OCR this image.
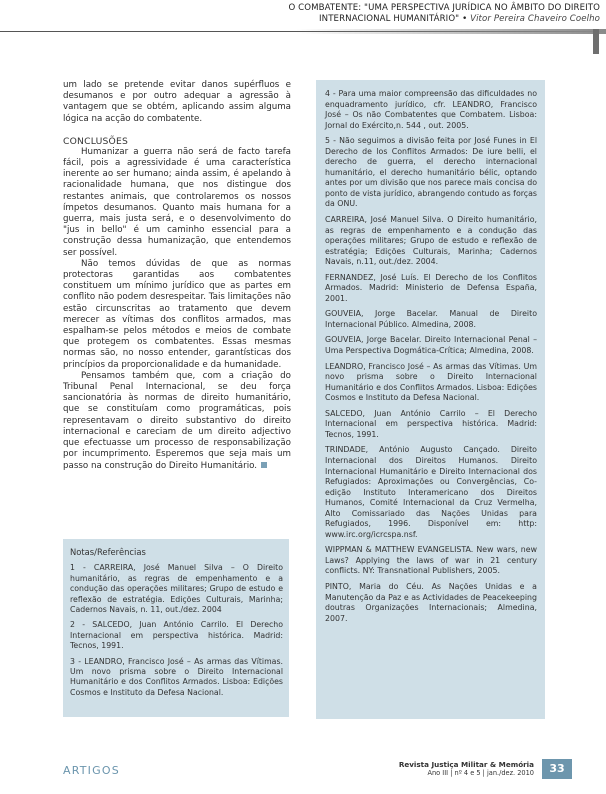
O COMBATENTE: "UMA PERSPECTIVA JURÍDICA NO ÂMBITO DO DIREITO
INTERNACIONAL HUMANITÁRIO" • Vitor Pereira Chaveiro Coelho

um lado se pretende evitar danos supérfluos e desumanos e por outro adequar a agressão à vantagem que se obtém, aplicando assim alguma lógica na acção do combatente.

CONCLUSÕES

Humanizar a guerra não será de facto tarefa fácil, pois a agressividade é uma característica inerente ao ser humano; ainda assim, é apelando à racionalidade humana, que nos distingue dos restantes animais, que controlaremos os nossos ímpetos desumanos. Quanto mais humana for a guerra, mais justa será, e o desenvolvimento do "jus in bello" é um caminho essencial para a construção dessa humanização, que entendemos ser possível.

Não temos dúvidas de que as normas protectoras garantidas aos combatentes constituem um mínimo jurídico que as partes em conflito não podem desrespeitar. Tais limitações não estão circunscritas ao tratamento que devem merecer as vítimas dos conflitos armados, mas espalham-se pelos métodos e meios de combate que protegem os combatentes. Essas mesmas normas são, no nosso entender, garantísticas dos princípios da proporcionalidade e da humanidade.

Pensamos também que, com a criação do Tribunal Penal Internacional, se deu força sancionatória às normas de direito humanitário, que se constituíam como programáticas, pois representavam o direito substantivo do direito internacional e careciam de um direito adjectivo que efectuasse um processo de responsabilização por incumprimento. Esperemos que seja mais um passo na construção do Direito Humanitário.

Notas/Referências
1 - CARREIRA, José Manuel Silva – O Direito humanitário, as regras de empenhamento e a condução das operações militares; Grupo de estudo e reflexão de estratégia. Edições Culturais, Marinha; Cadernos Navais, n. 11, out./dez. 2004
2 - SALCEDO, Juan António Carrilo. El Derecho Internacional em perspectiva histórica. Madrid: Tecnos, 1991.
3 - LEANDRO, Francisco José – As armas das Vítimas. Um novo prisma sobre o Direito Internacional Humanitário e dos Conflitos Armados. Lisboa: Edições Cosmos e Instituto da Defesa Nacional.
4 - Para uma maior compreensão das dificuldades no enquadramento jurídico, cfr. LEANDRO, Francisco José – Os não Combatentes que Combatem. Lisboa: Jornal do Exército,n. 544 , out. 2005.
5 - Não seguimos a divisão feita por José Funes in El Derecho de los Conflitos Armados: De iure belli, el derecho de guerra, el derecho internacional humanitário, el derecho humanitário bélic, optando antes por um divisão que nos parece mais concisa do ponto de vista jurídico, abrangendo contudo as forças da ONU.
CARREIRA, José Manuel Silva. O Direito humanitário, as regras de empenhamento e a condução das operações militares; Grupo de estudo e reflexão de estratégia; Edições Culturais, Marinha; Cadernos Navais, n.11, out./dez. 2004.
FERNANDEZ, José Luís. El Derecho de los Conflitos Armados. Madrid: Ministerio de Defensa España, 2001.
GOUVEIA, Jorge Bacelar. Manual de Direito Internacional Público. Almedina, 2008.
GOUVEIA, Jorge Bacelar. Direito Internacional Penal – Uma Perspectiva Dogmática-Crítica; Almedina, 2008.
LEANDRO, Francisco José – As armas das Vítimas. Um novo prisma sobre o Direito Internacional Humanitário e dos Conflitos Armados. Lisboa: Edições Cosmos e Instituto da Defesa Nacional.
SALCEDO, Juan António Carrilo – El Derecho Internacional em perspectiva histórica. Madrid: Tecnos, 1991.
TRINDADE, António Augusto Cançado. Direito Internacional dos Direitos Humanos. Direito Internacional Humanitário e Direito Internacional dos Refugiados: Aproximações ou Convergências, Co-edição Instituto Interamericano dos Direitos Humanos, Comité Internacional da Cruz Vermelha, Alto Comissariado das Nações Unidas para Refugiados, 1996. Disponível em: http: www.irc.org/icrcspa.nsf.
WIPPMAN & MATTHEW EVANGELISTA. New wars, new Laws? Applying the laws of war in 21 century conflicts. NY: Transnational Publishers, 2005.
PINTO, Maria do Céu. As Nações Unidas e a Manutenção da Paz e as Actividades de Peacekeeping doutras Organizações Internacionais; Almedina, 2007.
ARTIGOS	Revista Justiça Militar & Memória
Ano III | nº 4 e 5 | jan./dez. 2010	33
